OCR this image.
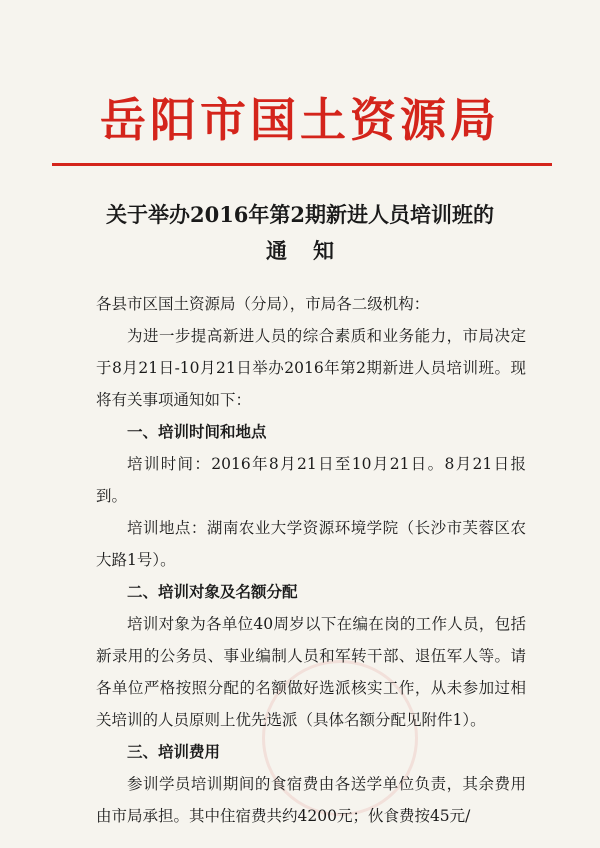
岳阳市国土资源局
关于举办2016年第2期新进人员培训班的
通知

各县市区国土资源局（分局），市局各二级机构：

为进一步提高新进人员的综合素质和业务能力，市局决定于8月21日-10月21日举办2016年第2期新进人员培训班。现将有关事项通知如下：

一、培训时间和地点

培训时间：2016年8月21日至10月21日。8月21日报到。

培训地点：湖南农业大学资源环境学院（长沙市芙蓉区农大路1号）。

二、培训对象及名额分配

培训对象为各单位40周岁以下在编在岗的工作人员，包括新录用的公务员、事业编制人员和军转干部、退伍军人等。请各单位严格按照分配的名额做好选派核实工作，从未参加过相关培训的人员原则上优先选派（具体名额分配见附件1）。

三、培训费用

参训学员培训期间的食宿费由各送学单位负责，其余费用由市局承担。其中住宿费共约4200元；伙食费按45元/
